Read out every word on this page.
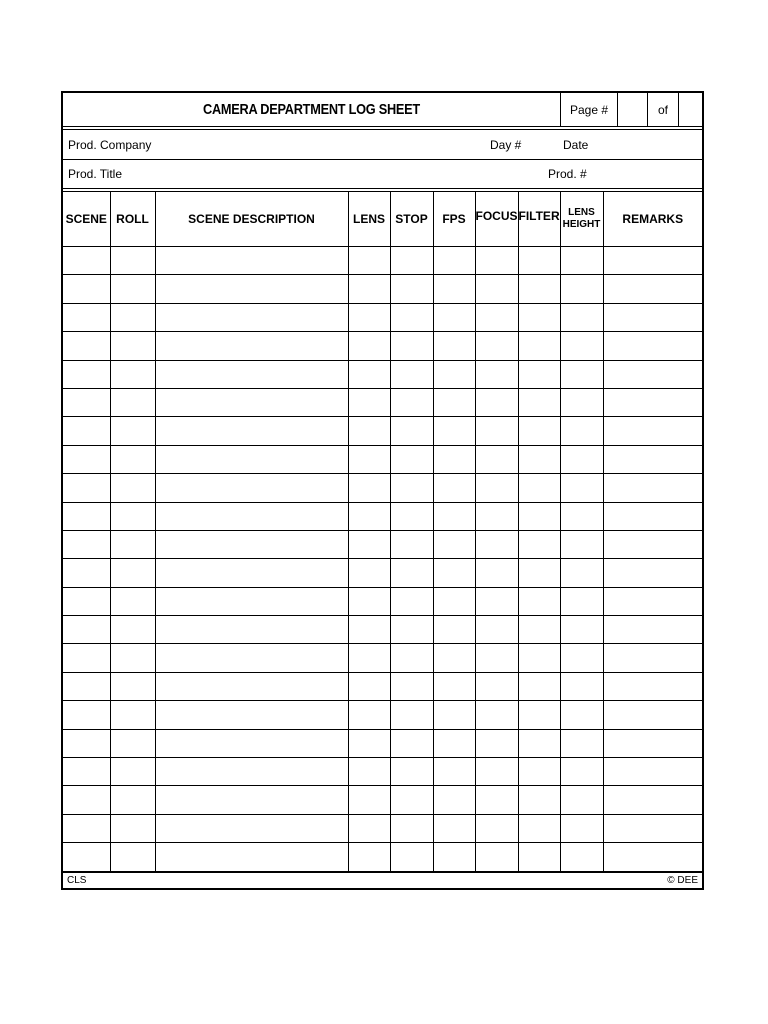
CAMERA DEPARTMENT LOG SHEET	Page #	of
Prod. Company	Day #	Date
Prod. Title	Prod. #
SCENE	ROLL	SCENE DESCRIPTION	LENS	STOP	FPS	FOCUS	FILTER	LENS HEIGHT	REMARKS

CLS	© DEE
